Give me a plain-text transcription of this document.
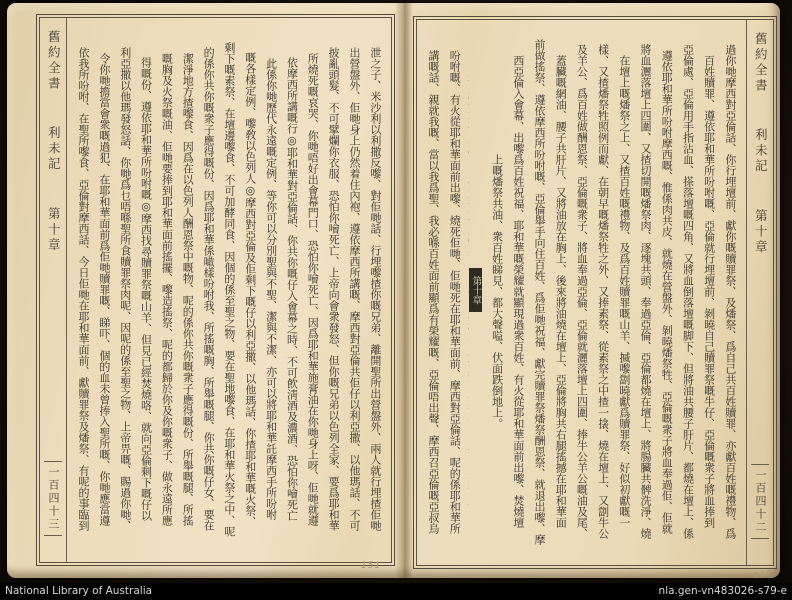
舊約全書
利未記
第十章
一百四十三	泄之子、米沙利以利撒反嚟、對佢哋話、行埋嚟揸你嘅兄弟、離開聖所出營盤外、兩人就行埋揸佢哋
出營盤外、佢哋身上仍然着住內袍、遵依摩西所講嘅、摩西對亞倫共佢仔以利亞撒、以他瑪話、不可
披亂頭髮、不可擘爛你衣服、恐怕你噲死亡、上帝向會衆發怒、但你嘅兄弟以色列全家、要爲耶和華
所燒死嘅哀哭、你哋唔好出會幕門口、恐怕你噲死亡、因爲耶和華施膏油在你哋身上呀、佢哋就遵
依摩西所講嘅行◎耶和華對亞倫話、你共你嘅仔入會幕之時、不可飲淸酒及濃酒、恐怕你噲死亡
此係你哋歷代永遠嘅定例、等你可以分別聖與不聖、潔與不潔、亦可以將耶和華託摩西手所吩咐
嘅各樣定例、嚟敎以色列人◎摩西對亞倫及佢剩下嘅仔以利亞撒、以他瑪話、你揸耶和華嘅火祭、
剩下嘅素祭、在壇邊嚟食、不可加酵同食、因個的係至聖之物、要在聖地嚟食、在耶和華火祭之中、呢
的係你共你嘅衆子應得嘅份、因爲耶和華係噉樣吩咐我、所搖嘅胸、所舉嘅腿、你共你嘅仔女、要在
潔淨地方揸嚟食、因爲在以色列人酬恩祭中嘅物、呢的係你共你嘅衆子應得嘅份、所舉嘅腿、所搖
嘅胸及火祭嘅油、佢哋要捧到耶和華面前搖擺、嚟造搖祭、呢的都歸於你及你嘅衆子、做永遠所應
得嘅份、遵依耶和華所吩咐嘅◎摩西找尋贖罪祭嘅山羊、但見已經焚燒咯、就向亞倫剩下嘅仔以
利亞撒以他瑪發怒話、你哋爲乜唔喺聖所食贖罪祭肉呢、因呢的係至聖之物、上帝畀嘅、賜過你哋、
令你哋擔當會衆嘅過犯、在耶和華面前爲佢哋贖罪嘅、睇吓、個的血未曾捧入聖所嘅、你哋應當遵
依我所吩咐、在聖所嚟食、亞倫對摩西話、今日佢哋在耶和華面前、獻贖罪祭及燔祭、有呢的事臨到	過你哋摩西對亞倫話、你行埋壇前、獻你嘅贖罪祭、及燔祭、爲自己共百姓贖罪、亦獻百姓嘅禮物、爲
百姓贖罪、遵依耶和華所吩咐嘅、亞倫就行埋壇前、剝曉自己贖罪祭嘅牛仔、亞倫嘅衆子將血捧到
亞倫處、亞倫用手指沾血、搽落壇嘅四角、又將血倒落壇嘅脚下、但將油共腰子肝片、都燒在壇上、係
遵依耶和華所吩咐摩西嘅、惟係肉共皮、就燒在營盤外、剝曉燔祭牲、亞倫嘅衆子將血奉過佢、佢就
將血灑落壇上四圍、又揸切開嘅燔祭肉、逐塊共頭、奉過亞倫、亞倫都燒在壇上、將腸臟共髀洗淨、燒
在壇上嘅燔祭之上、又揸百姓嘅禮物、及爲百姓贖罪嘅山羊、搣嚟劏曉獻爲贖罪祭、好似初獻嘅一
樣、又揸燔祭牲照例而獻、在朝早嘅燔祭牲之外、又捧素祭、從素祭之中揸一搇、燒在壇上、又劏牛公
及羊公、爲百姓做酬恩祭、亞倫嘅衆子、將血奉過亞倫、亞倫就灑落壇上四圍、捧牛公羊公嘅油及尾、
蓋臟嘅網油、腰子共肝片、又將油放在胸上、後來將油燒在壇上、亞倫將胸共右腿搖撼在耶和華面
前做搖祭、遵依摩西所吩咐嘅、亞倫舉手向住百姓、爲佢哋祝福、獻完贖罪祭燔祭酬恩祭、就退出嚟、摩
西亞倫入會幕、出嚟爲百姓祝福、耶和華嘅榮耀就顯現過衆百姓、有火從耶和華面前出嚟、焚燒壇
上嘅燔祭共油、衆百姓睇見、都大聲嗌、伏面跌倒地上。
第十章
吩咐嘅、有火從耶和華面前出嚟、燒死佢哋、佢哋死在耶和華面前、摩西對亞倫話、呢的係耶和華所
講嘅話、親就我嘅、當以我爲聖、我必喺百姓面前顯爲有榮耀嘅、亞倫唔出聲、摩西召亞倫嘅亞叔烏	舊約全書
利未記
第十章
一百四十二
151
150
National Library of Australia	nla.gen-vn483026-s79-e
